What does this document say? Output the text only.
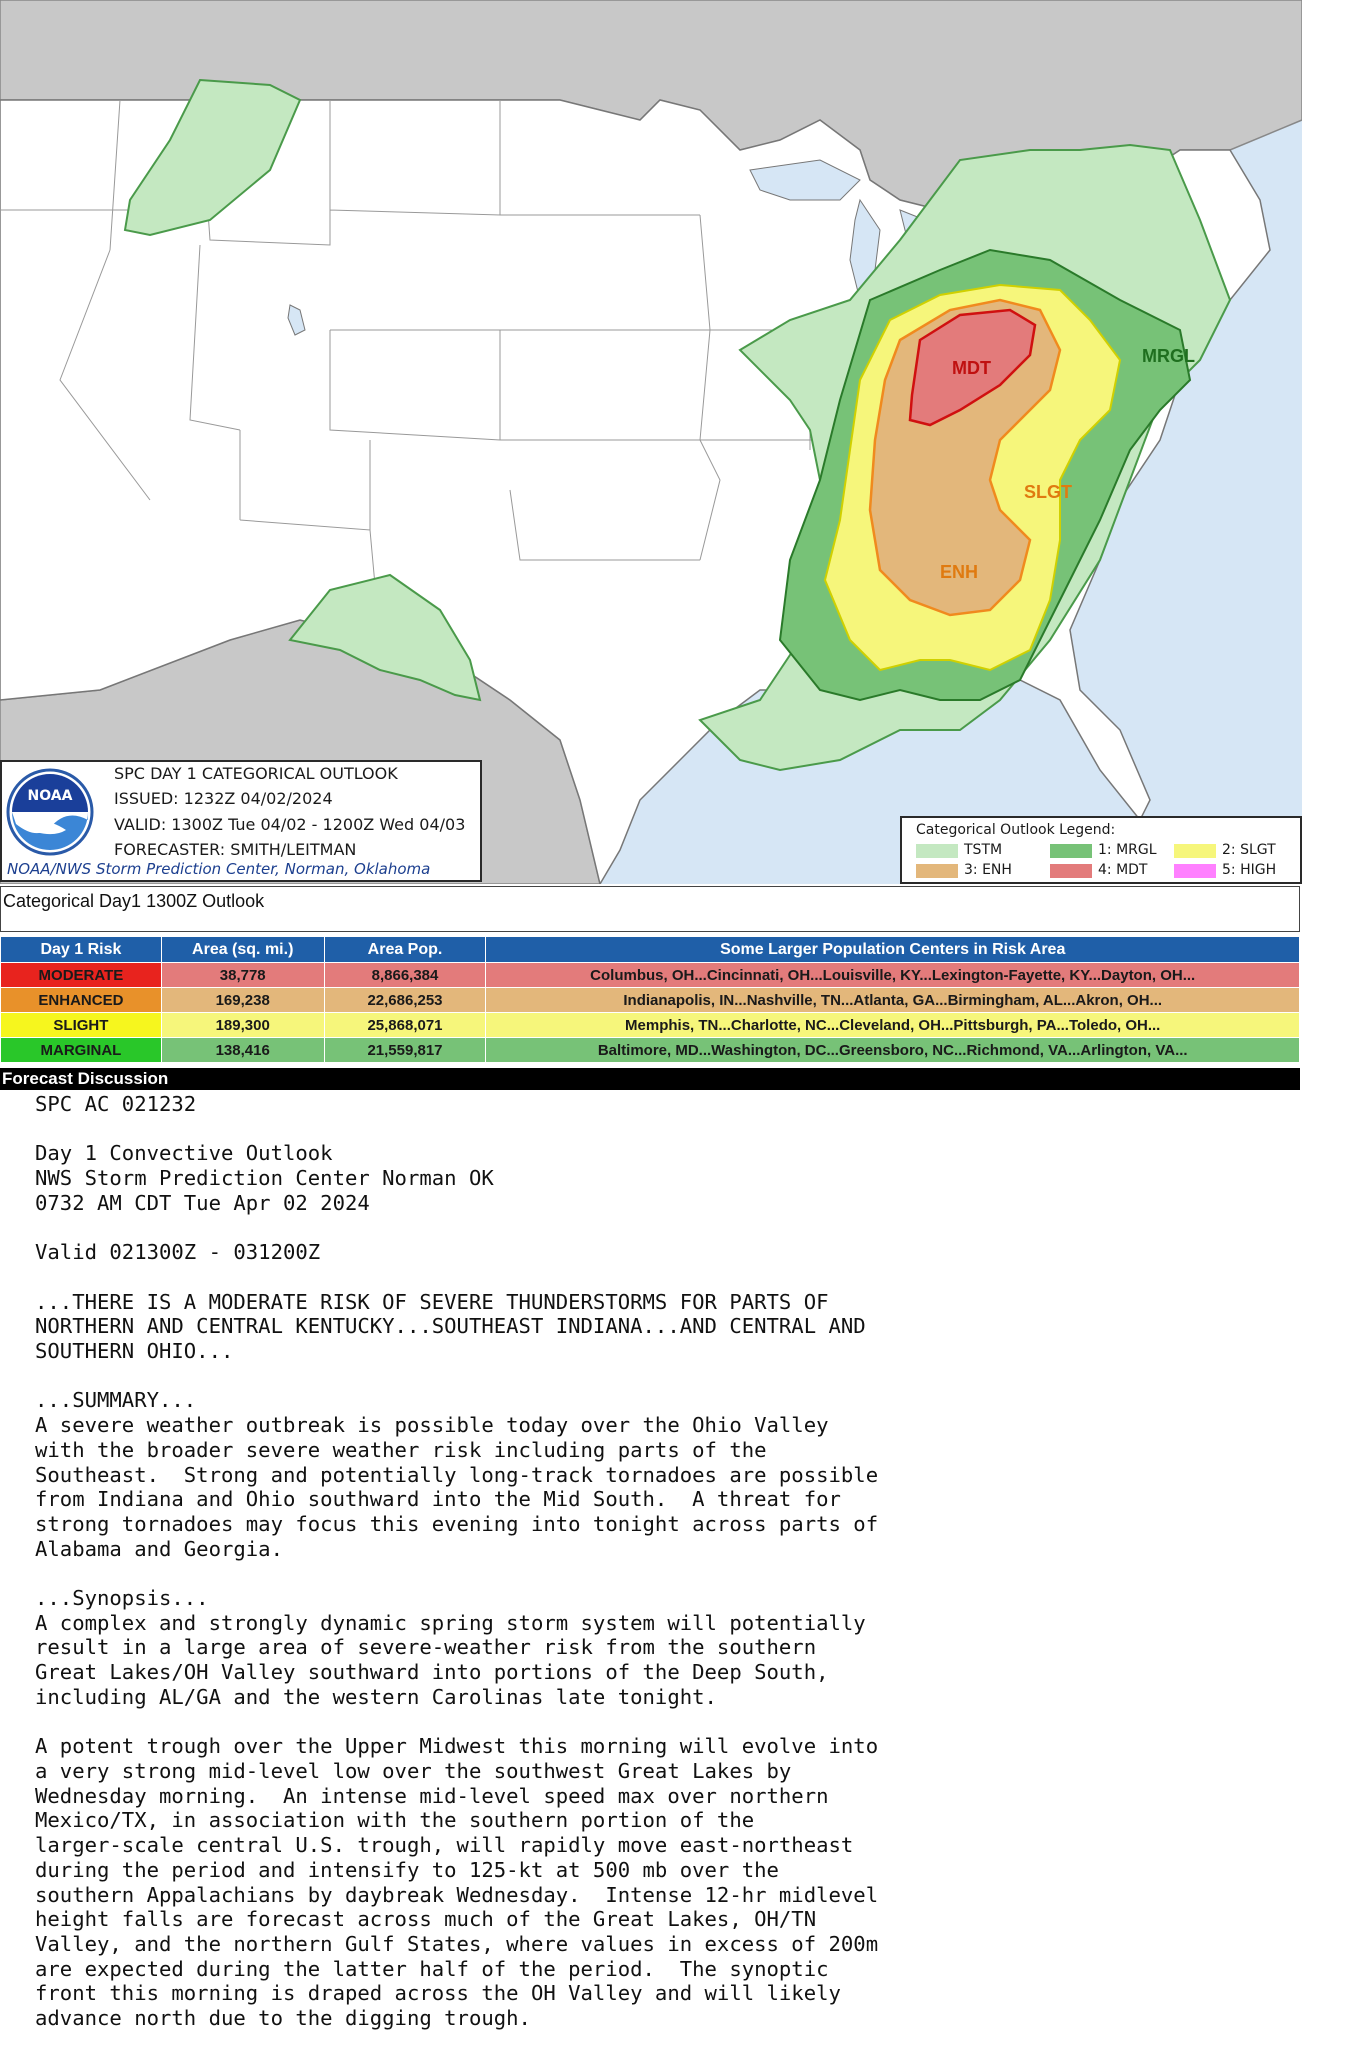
MDT
ENH
SLGT
MRGL
NOAA
SPC DAY 1 CATEGORICAL OUTLOOK
ISSUED: 1232Z 04/02/2024
VALID: 1300Z Tue 04/02 - 1200Z Wed 04/03
FORECASTER: SMITH/LEITMAN
NOAA/NWS Storm Prediction Center, Norman, Oklahoma
Categorical Outlook Legend:
TSTM	1: MRGL	2: SLGT
3: ENH	4: MDT	5: HIGH
Categorical Day1 1300Z Outlook
Day 1 Risk	Area (sq. mi.)	Area Pop.	Some Larger Population Centers in Risk Area
MODERATE	38,778	8,866,384	Columbus, OH...Cincinnati, OH...Louisville, KY...Lexington-Fayette, KY...Dayton, OH...
ENHANCED	169,238	22,686,253	Indianapolis, IN...Nashville, TN...Atlanta, GA...Birmingham, AL...Akron, OH...
SLIGHT	189,300	25,868,071	Memphis, TN...Charlotte, NC...Cleveland, OH...Pittsburgh, PA...Toledo, OH...
MARGINAL	138,416	21,559,817	Baltimore, MD...Washington, DC...Greensboro, NC...Richmond, VA...Arlington, VA...
Forecast Discussion
SPC AC 021232

Day 1 Convective Outlook
NWS Storm Prediction Center Norman OK
0732 AM CDT Tue Apr 02 2024

Valid 021300Z - 031200Z

...THERE IS A MODERATE RISK OF SEVERE THUNDERSTORMS FOR PARTS OF
NORTHERN AND CENTRAL KENTUCKY...SOUTHEAST INDIANA...AND CENTRAL AND
SOUTHERN OHIO...

...SUMMARY...
A severe weather outbreak is possible today over the Ohio Valley
with the broader severe weather risk including parts of the
Southeast.  Strong and potentially long-track tornadoes are possible
from Indiana and Ohio southward into the Mid South.  A threat for
strong tornadoes may focus this evening into tonight across parts of
Alabama and Georgia.

...Synopsis...
A complex and strongly dynamic spring storm system will potentially
result in a large area of severe-weather risk from the southern
Great Lakes/OH Valley southward into portions of the Deep South,
including AL/GA and the western Carolinas late tonight.

A potent trough over the Upper Midwest this morning will evolve into
a very strong mid-level low over the southwest Great Lakes by
Wednesday morning.  An intense mid-level speed max over northern
Mexico/TX, in association with the southern portion of the
larger-scale central U.S. trough, will rapidly move east-northeast
during the period and intensify to 125-kt at 500 mb over the
southern Appalachians by daybreak Wednesday.  Intense 12-hr midlevel
height falls are forecast across much of the Great Lakes, OH/TN
Valley, and the northern Gulf States, where values in excess of 200m
are expected during the latter half of the period.  The synoptic
front this morning is draped across the OH Valley and will likely
advance north due to the digging trough.
